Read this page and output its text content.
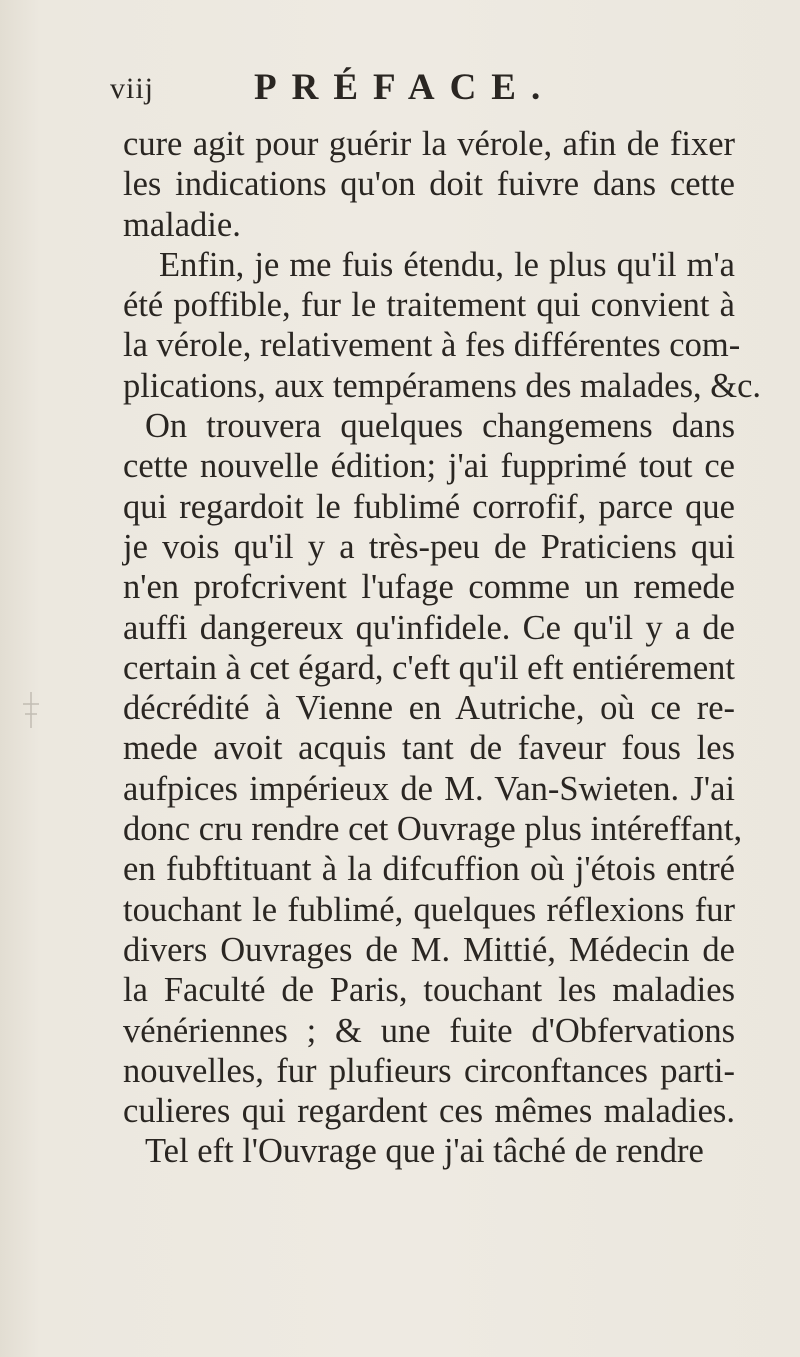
viij	PRÉFACE.
cure agit pour guérir la vérole, afin de fixer
les indications qu'on doit fuivre dans cette
maladie.
Enfin, je me fuis étendu, le plus qu'il m'a
été poffible, fur le traitement qui convient à
la vérole, relativement à fes différentes com-
plications, aux tempéramens des malades, &c.
On trouvera quelques changemens dans
cette nouvelle édition; j'ai fupprimé tout ce
qui regardoit le fublimé corrofif, parce que
je vois qu'il y a très-peu de Praticiens qui
n'en profcrivent l'ufage comme un remede
auffi dangereux qu'infidele. Ce qu'il y a de
certain à cet égard, c'eft qu'il eft entiérement
décrédité à Vienne en Autriche, où ce re-
mede avoit acquis tant de faveur fous les
aufpices impérieux de M. Van-Swieten. J'ai
donc cru rendre cet Ouvrage plus intéreffant,
en fubftituant à la difcuffion où j'étois entré
touchant le fublimé, quelques réflexions fur
divers Ouvrages de M. Mittié, Médecin de
la Faculté de Paris, touchant les maladies
vénériennes ; & une fuite d'Obfervations
nouvelles, fur plufieurs circonftances parti-
culieres qui regardent ces mêmes maladies.
Tel eft l'Ouvrage que j'ai tâché de rendre
